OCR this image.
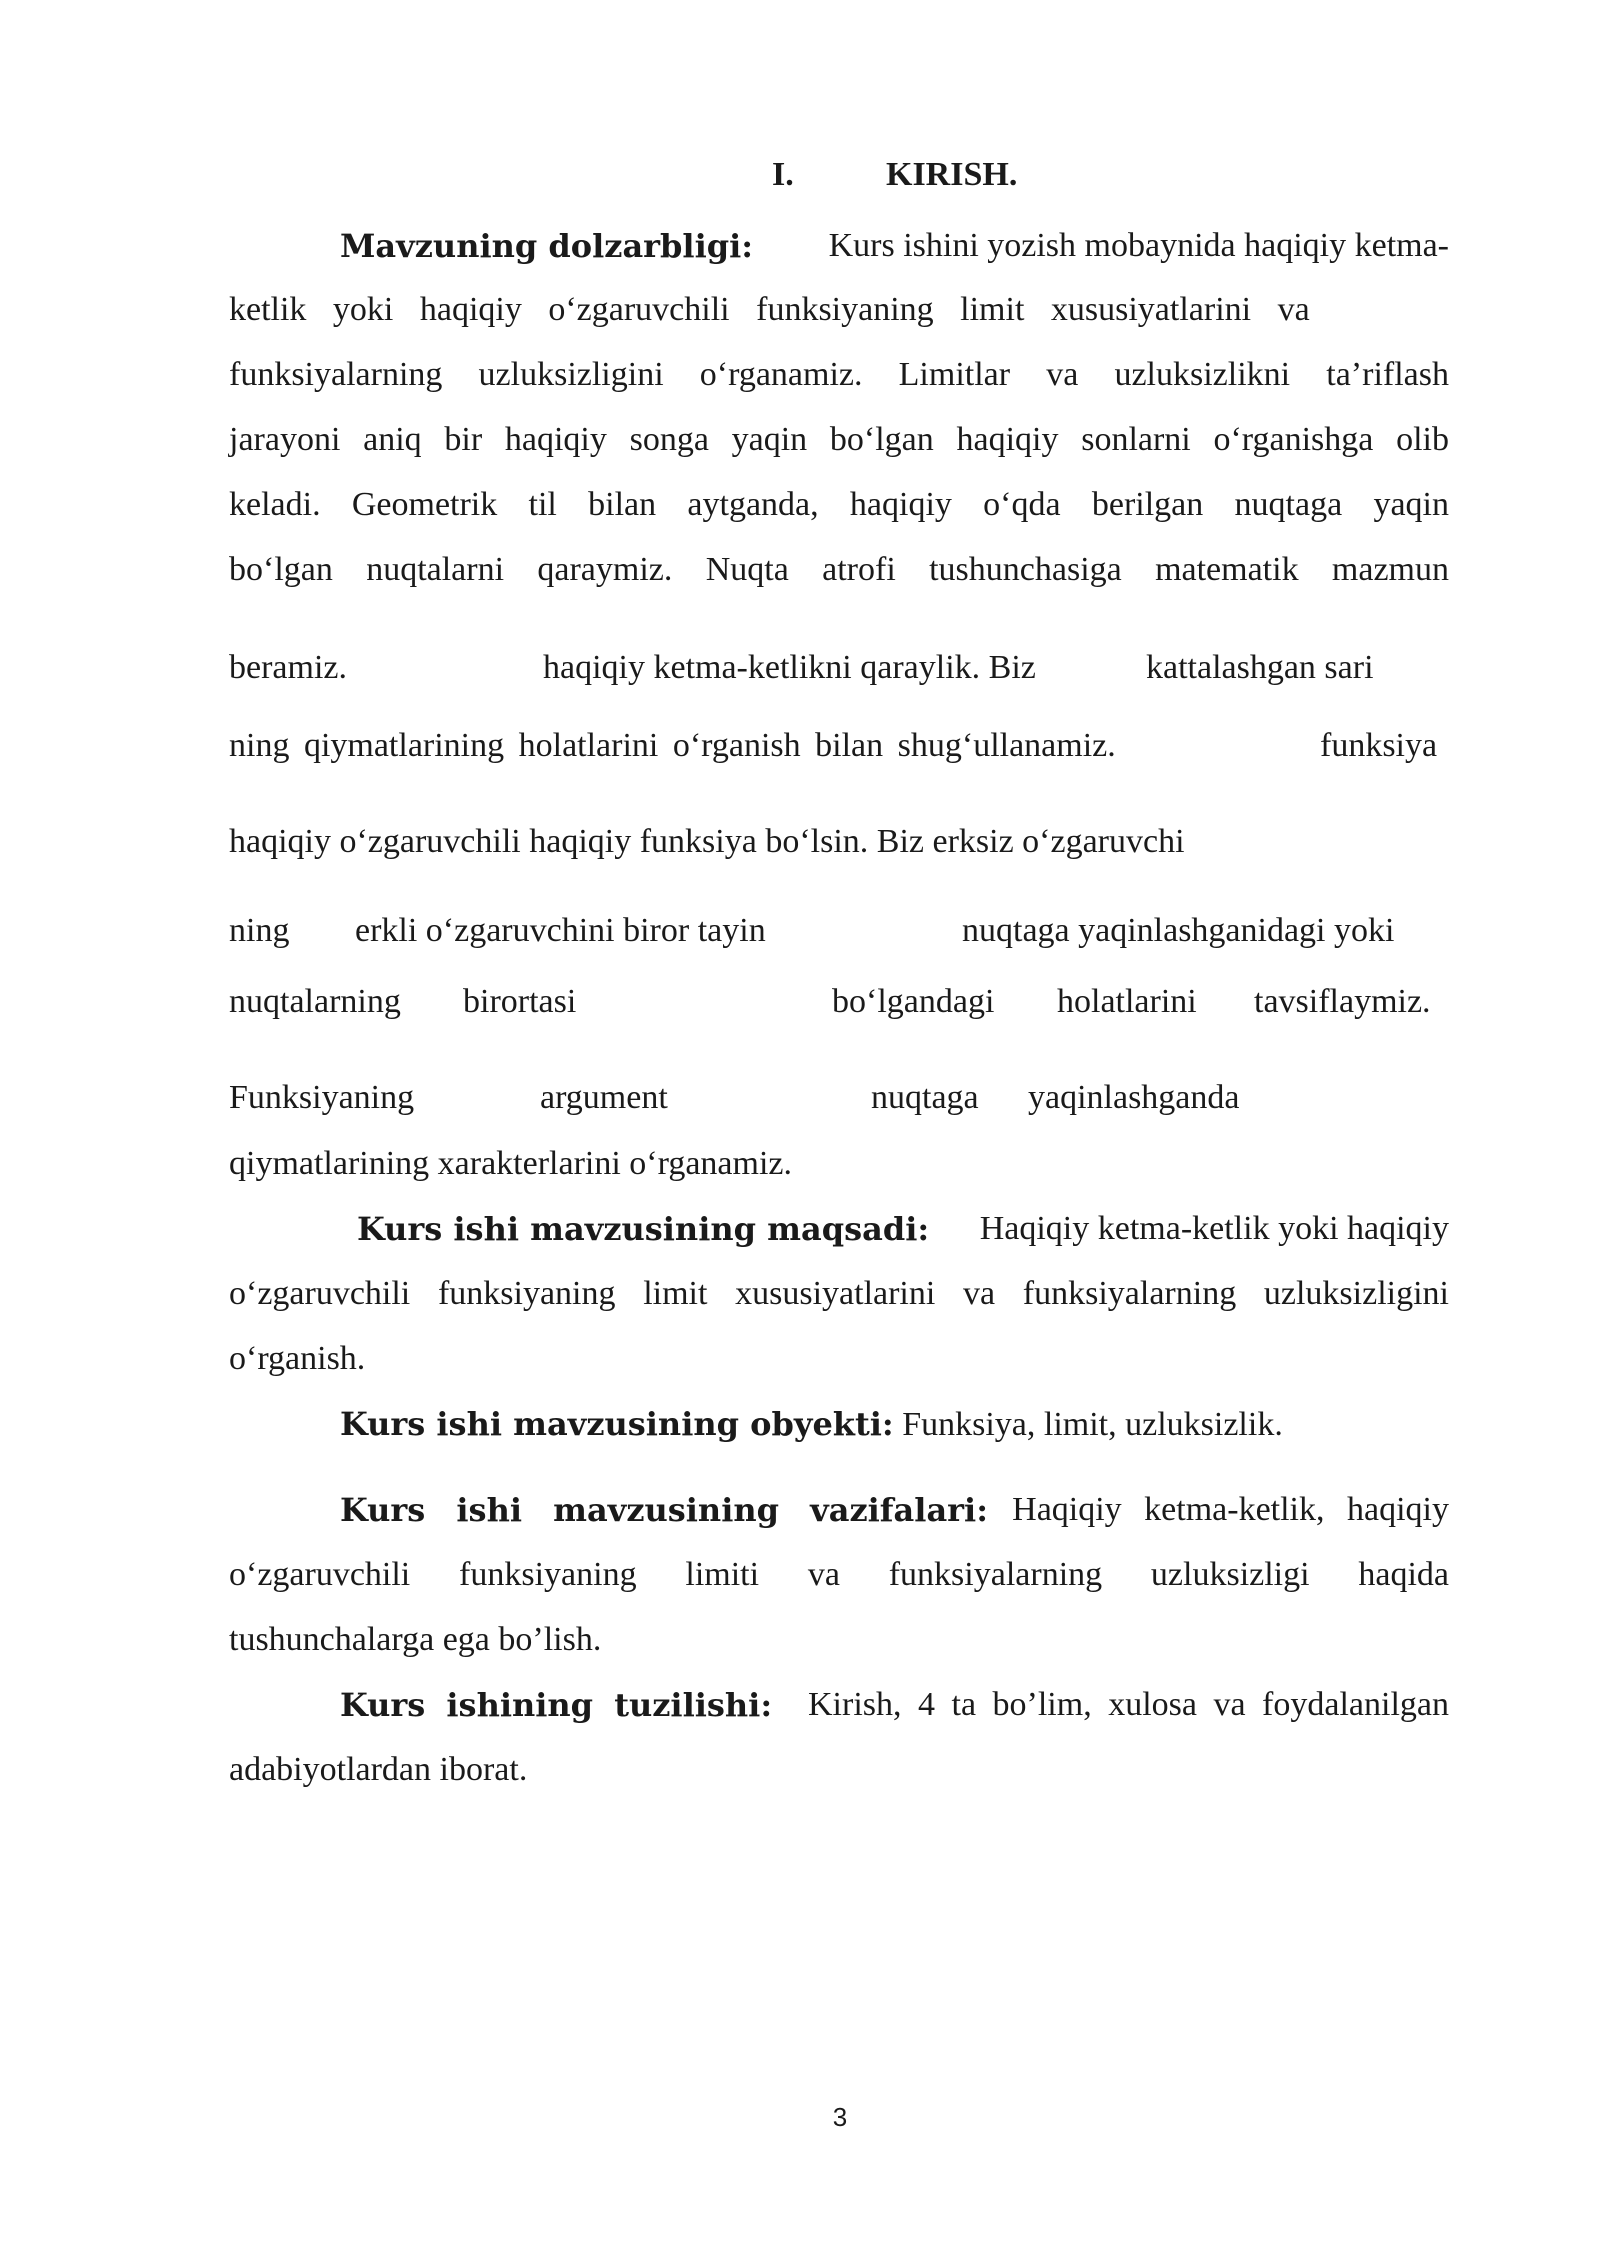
I.	KIRISH.
Mavzuning dolzarbligi: Kurs ishini yozish mobaynida haqiqiy ketma-
ketlik yoki haqiqiy o‘zgaruvchili funksiyaning limit xususiyatlarini va
funksiyalarning uzluksizligini o‘rganamiz. Limitlar va uzluksizlikni ta’riflash
jarayoni aniq bir haqiqiy songa yaqin bo‘lgan haqiqiy sonlarni o‘rganishga olib
keladi. Geometrik til bilan aytganda, haqiqiy o‘qda berilgan nuqtaga yaqin
bo‘lgan nuqtalarni qaraymiz. Nuqta atrofi tushunchasiga matematik mazmun
beramiz.	haqiqiy ketma-ketlikni qaraylik. Biz	kattalashgan sari
ning qiymatlarining holatlarini o‘rganish bilan shug‘ullanamiz.	funksiya
haqiqiy o‘zgaruvchili haqiqiy funksiya bo‘lsin. Biz erksiz o‘zgaruvchi
ning erkli o‘zgaruvchini biror tayin	nuqtaga yaqinlashganidagi yoki
nuqtalarning birortasi	bo‘lgandagi holatlarini tavsiflaymiz.
Funksiyaning	argument	nuqtaga yaqinlashganda
qiymatlarining xarakterlarini o‘rganamiz.
Kurs ishi mavzusining maqsadi: Haqiqiy ketma-ketlik yoki haqiqiy
o‘zgaruvchili funksiyaning limit xususiyatlarini va funksiyalarning uzluksizligini
o‘rganish.
Kurs ishi mavzusining obyekti: Funksiya, limit, uzluksizlik.
Kurs ishi mavzusining vazifalari: Haqiqiy ketma-ketlik, haqiqiy
o‘zgaruvchili funksiyaning limiti va funksiyalarning uzluksizligi haqida
tushunchalarga ega bo’lish.
Kurs ishining tuzilishi: Kirish, 4 ta bo’lim, xulosa va foydalanilgan
adabiyotlardan iborat.
3
